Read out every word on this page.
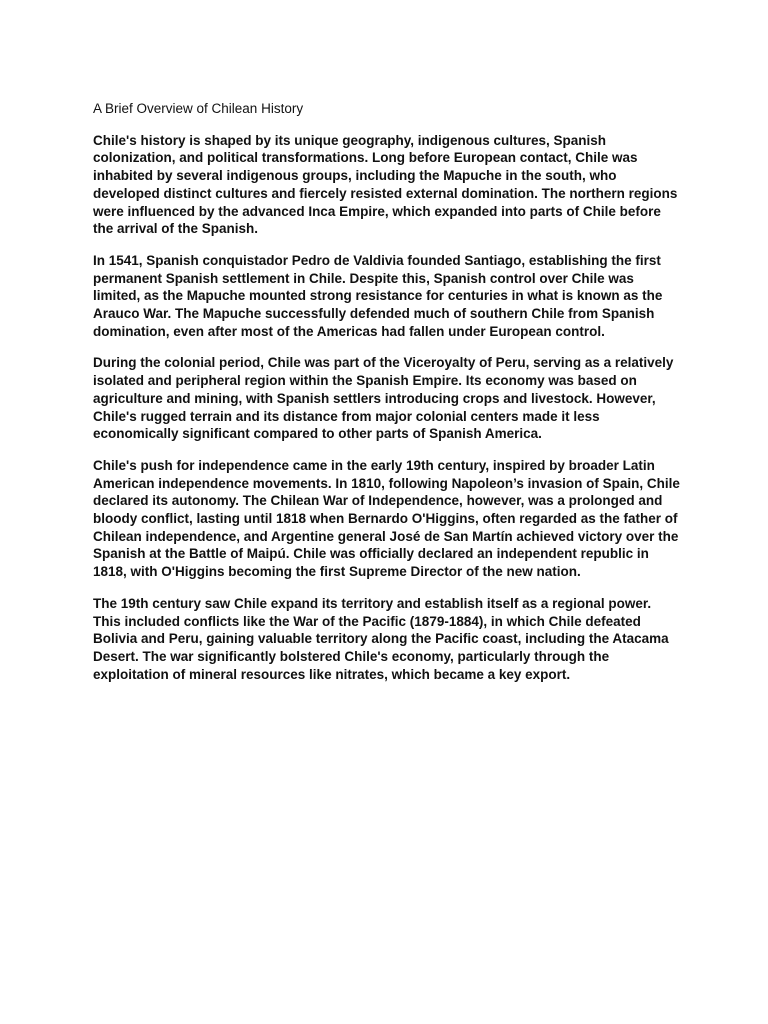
A Brief Overview of Chilean History

Chile's history is shaped by its unique geography, indigenous cultures, Spanish colonization, and political transformations. Long before European contact, Chile was inhabited by several indigenous groups, including the Mapuche in the south, who developed distinct cultures and fiercely resisted external domination. The northern regions were influenced by the advanced Inca Empire, which expanded into parts of Chile before the arrival of the Spanish.

In 1541, Spanish conquistador Pedro de Valdivia founded Santiago, establishing the first permanent Spanish settlement in Chile. Despite this, Spanish control over Chile was limited, as the Mapuche mounted strong resistance for centuries in what is known as the Arauco War. The Mapuche successfully defended much of southern Chile from Spanish domination, even after most of the Americas had fallen under European control.

During the colonial period, Chile was part of the Viceroyalty of Peru, serving as a relatively isolated and peripheral region within the Spanish Empire. Its economy was based on agriculture and mining, with Spanish settlers introducing crops and livestock. However, Chile's rugged terrain and its distance from major colonial centers made it less economically significant compared to other parts of Spanish America.

Chile's push for independence came in the early 19th century, inspired by broader Latin American independence movements. In 1810, following Napoleon’s invasion of Spain, Chile declared its autonomy. The Chilean War of Independence, however, was a prolonged and bloody conflict, lasting until 1818 when Bernardo O'Higgins, often regarded as the father of Chilean independence, and Argentine general José de San Martín achieved victory over the Spanish at the Battle of Maipú. Chile was officially declared an independent republic in 1818, with O'Higgins becoming the first Supreme Director of the new nation.

The 19th century saw Chile expand its territory and establish itself as a regional power. This included conflicts like the War of the Pacific (1879-1884), in which Chile defeated Bolivia and Peru, gaining valuable territory along the Pacific coast, including the Atacama Desert. The war significantly bolstered Chile's economy, particularly through the exploitation of mineral resources like nitrates, which became a key export.
